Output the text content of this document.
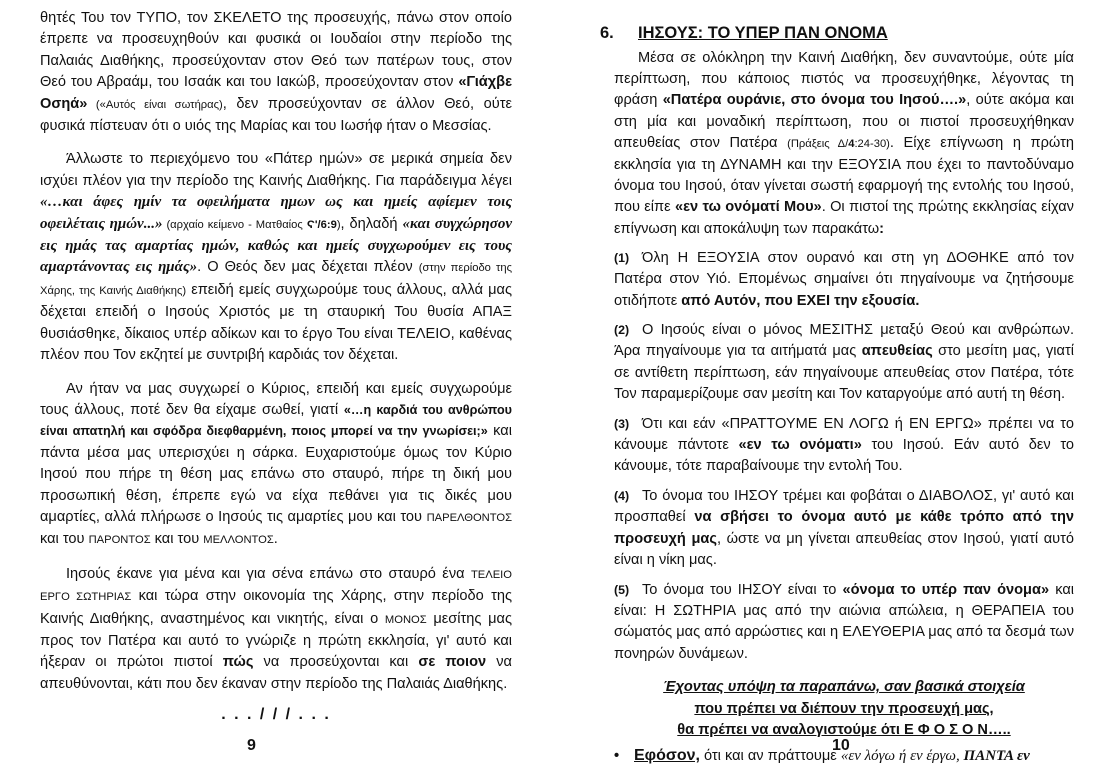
θητές Του τον ΤΥΠΟ, τον ΣΚΕΛΕΤΟ της προσευχής, πάνω στον οποίο έπρεπε να προσευχηθούν και φυσικά οι Ιουδαίοι στην περίοδο της Παλαιάς Διαθήκης, προσεύχονταν στον Θεό των πατέρων τους, στον Θεό του Αβραάμ, του Ισαάκ και του Ιακώβ, προσεύχονταν στον «Γιάχβε Οσηά» («Αυτός είναι σωτήρας), δεν προσεύχονταν σε άλλον Θεό, ούτε φυσικά πίστευαν ότι ο υιός της Μαρίας και του Ιωσήφ ήταν ο Μεσσίας.

Άλλωστε το περιεχόμενο του «Πάτερ ημών» σε μερικά σημεία δεν ισχύει πλέον για την περίοδο της Καινής Διαθήκης. Για παράδειγμα λέγει «…και άφες ημίν τα οφειλήματα ημων ως και ημείς αφίεμεν τοις οφειλέταις ημών...» (αρχαίο κείμενο - Ματθαίος Ϛ'/6:9), δηλαδή «και συγχώρησον εις ημάς τας αμαρτίας ημών, καθώς και ημείς συγχωρούμεν εις τους αμαρτάνοντας εις ημάς». Ο Θεός δεν μας δέχεται πλέον (στην περίοδο της Χάρης, της Καινής Διαθήκης) επειδή εμείς συγχωρούμε τους άλλους, αλλά μας δέχεται επειδή ο Ιησούς Χριστός με τη σταυρική Του θυσία ΑΠΑΞ θυσιάσθηκε, δίκαιος υπέρ αδίκων και το έργο Του είναι ΤΕΛΕΙΟ, καθένας πλέον που Τον εκζητεί με συντριβή καρδιάς τον δέχεται.

Αν ήταν να μας συγχωρεί ο Κύριος, επειδή και εμείς συγχωρούμε τους άλλους, ποτέ δεν θα είχαμε σωθεί, γιατί «…η καρδιά του ανθρώπου είναι απατηλή και σφόδρα διεφθαρμένη, ποιος μπορεί να την γνωρίσει;» και πάντα μέσα μας υπερισχύει η σάρκα. Ευχαριστούμε όμως τον Κύριο Ιησού που πήρε τη θέση μας επάνω στο σταυρό, πήρε τη δική μου προσωπική θέση, έπρεπε εγώ να είχα πεθάνει για τις δικές μου αμαρτίες, αλλά πλήρωσε ο Ιησούς τις αμαρτίες μου και του ΠΑΡΕΛΘΟΝΤΟΣ και του ΠΑΡΟΝΤΟΣ και του ΜΕΛΛΟΝΤΟΣ.

Ιησούς έκανε για μένα και για σένα επάνω στο σταυρό ένα ΤΕΛΕΙΟ ΕΡΓΟ ΣΩΤΗΡΙΑΣ και τώρα στην οικονομία της Χάρης, στην περίοδο της Καινής Διαθήκης, αναστημένος και νικητής, είναι ο ΜΟΝΟΣ μεσίτης μας προς τον Πατέρα και αυτό το γνώριζε η πρώτη εκκλησία, γι' αυτό και ήξεραν οι πρώτοι πιστοί πώς να προσεύχονται και σε ποιον να απευθύνονται, κάτι που δεν έκαναν στην περίοδο της Παλαιάς Διαθήκης.

. . . / / / . . .
9
6. ΙΗΣΟΥΣ: ΤΟ ΥΠΕΡ ΠΑΝ ΟΝΟΜΑ

Μέσα σε ολόκληρη την Καινή Διαθήκη, δεν συναντούμε, ούτε μία περίπτωση, που κάποιος πιστός να προσευχήθηκε, λέγοντας τη φράση «Πατέρα ουράνιε, στο όνομα του Ιησού….», ούτε ακόμα και στη μία και μοναδική περίπτωση, που οι πιστοί προσευχήθηκαν απευθείας στον Πατέρα (Πράξεις Δ/4:24-30). Είχε επίγνωση η πρώτη εκκλησία για τη ΔΥΝΑΜΗ και την ΕΞΟΥΣΙΑ που έχει το παντοδύναμο όνομα του Ιησού, όταν γίνεται σωστή εφαρμογή της εντολής του Ιησού, που είπε «εν τω ονόματί Μου». Οι πιστοί της πρώτης εκκλησίας είχαν επίγνωση και αποκάλυψη των παρακάτω:

(1) Όλη Η ΕΞΟΥΣΙΑ στον ουρανό και στη γη ΔΟΘΗΚΕ από τον Πατέρα στον Υιό. Επομένως σημαίνει ότι πηγαίνουμε να ζητήσουμε οτιδήποτε από Αυτόν, που ΕΧΕΙ την εξουσία.

(2) Ο Ιησούς είναι ο μόνος ΜΕΣΙΤΗΣ μεταξύ Θεού και ανθρώπων. Άρα πηγαίνουμε για τα αιτήματά μας απευθείας στο μεσίτη μας, γιατί σε αντίθετη περίπτωση, εάν πηγαίνουμε απευθείας στον Πατέρα, τότε Τον παραμερίζουμε σαν μεσίτη και Τον καταργούμε από αυτή τη θέση.

(3) Ότι και εάν «ΠΡΑΤΤΟΥΜΕ ΕΝ ΛΟΓΩ ή ΕΝ ΕΡΓΩ» πρέπει να το κάνουμε πάντοτε «εν τω ονόματι» του Ιησού. Εάν αυτό δεν το κάνουμε, τότε παραβαίνουμε την εντολή Του.

(4) Το όνομα του ΙΗΣΟΥ τρέμει και φοβάται ο ΔΙΑΒΟΛΟΣ, γι' αυτό και προσπαθεί να σβήσει το όνομα αυτό με κάθε τρόπο από την προσευχή μας, ώστε να μη γίνεται απευθείας στον Ιησού, γιατί αυτό είναι η νίκη μας.

(5) Το όνομα του ΙΗΣΟΥ είναι το «όνομα το υπέρ παν όνομα» και είναι: Η ΣΩΤΗΡΙΑ μας από την αιώνια απώλεια, η ΘΕΡΑΠΕΙΑ του σώματός μας από αρρώστιες και η ΕΛΕΥΘΕΡΙΑ μας από τα δεσμά των πονηρών δυνάμεων.

Έχοντας υπόψη τα παραπάνω, σαν βασικά στοιχεία
που πρέπει να διέπουν την προσευχή μας,
θα πρέπει να αναλογιστούμε ότι Ε Φ Ο Σ Ο Ν…..

• Εφόσον, ότι και αν πράττουμε «εν λόγω ή εν έργω, ΠΑΝΤΑ εν

10
